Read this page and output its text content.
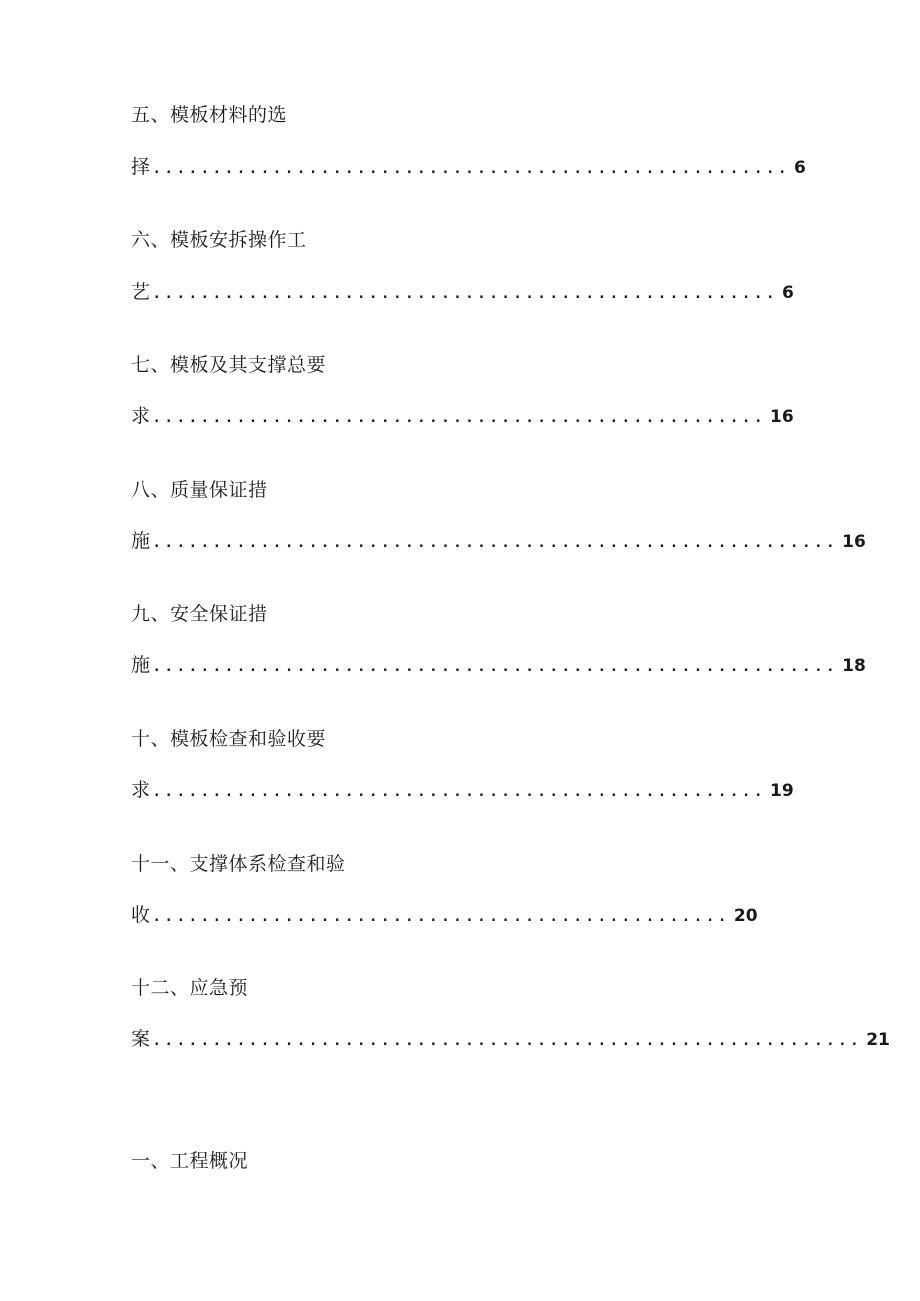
五、模板材料的选
择 ..................................................... 6
六、模板安拆操作工
艺 .................................................... 6
七、模板及其支撑总要
求 ................................................... 16
八、质量保证措
施 ......................................................... 16
九、安全保证措
施 ......................................................... 18
十、模板检查和验收要
求 ................................................... 19
十一、支撑体系检查和验
收 ................................................ 20
十二、应急预
案 ........................................................... 21
一、工程概况
